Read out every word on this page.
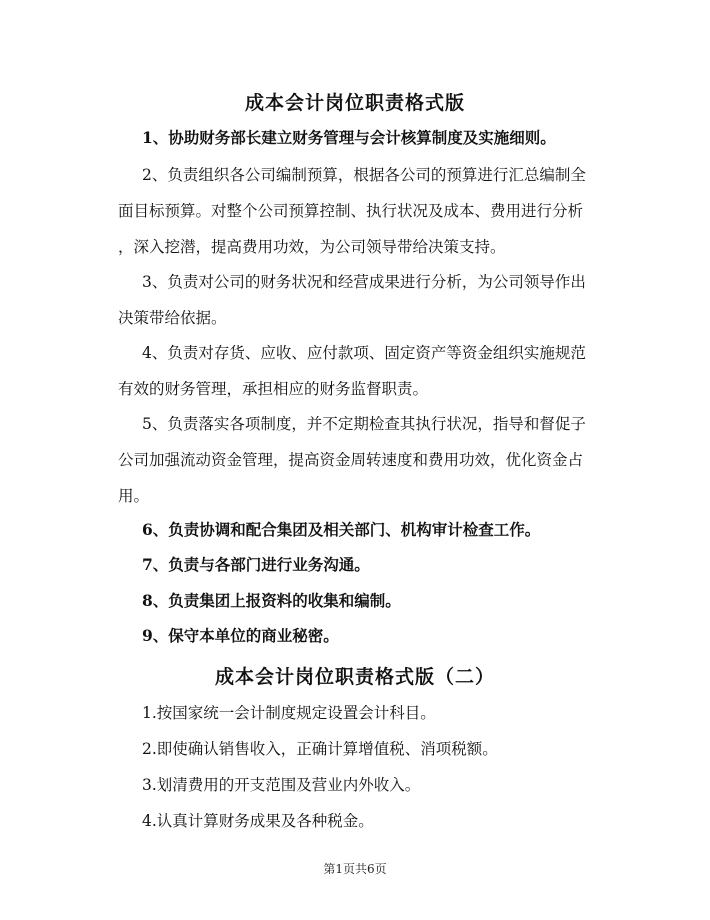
成本会计岗位职责格式版

1、协助财务部长建立财务管理与会计核算制度及实施细则。

2、负责组织各公司编制预算，根据各公司的预算进行汇总编制全
面目标预算。对整个公司预算控制、执行状况及成本、费用进行分析
，深入挖潜，提高费用功效，为公司领导带给决策支持。

3、负责对公司的财务状况和经营成果进行分析，为公司领导作出
决策带给依据。

4、负责对存货、应收、应付款项、固定资产等资金组织实施规范
有效的财务管理，承担相应的财务监督职责。

5、负责落实各项制度，并不定期检查其执行状况，指导和督促子
公司加强流动资金管理，提高资金周转速度和费用功效，优化资金占
用。

6、负责协调和配合集团及相关部门、机构审计检查工作。

7、负责与各部门进行业务沟通。

8、负责集团上报资料的收集和编制。

9、保守本单位的商业秘密。

成本会计岗位职责格式版（二）

1.按国家统一会计制度规定设置会计科目。

2.即使确认销售收入，正确计算增值税、消项税额。

3.划清费用的开支范围及营业内外收入。

4.认真计算财务成果及各种税金。

第1页共6页
